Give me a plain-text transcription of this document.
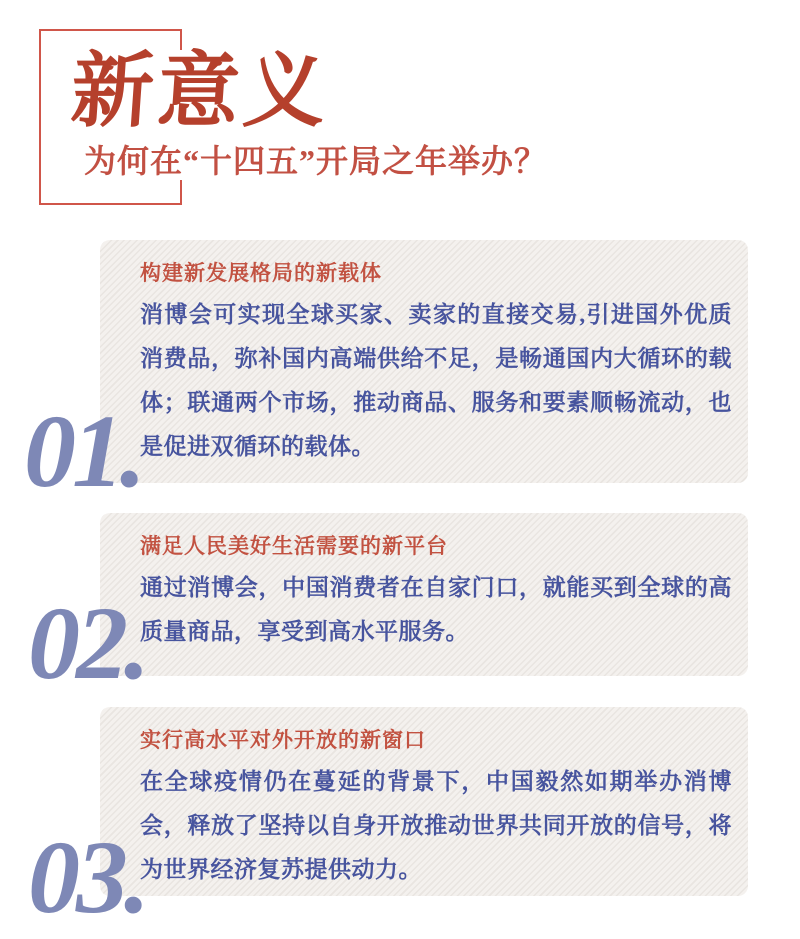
新意义
为何在“十四五”开局之年举办？
构建新发展格局的新载体

消博会可实现全球买家、卖家的直接交易,引进国外优质消费品，弥补国内高端供给不足，是畅通国内大循环的载体；联通两个市场，推动商品、服务和要素顺畅流动，也是促进双循环的载体。

01.

满足人民美好生活需要的新平台

通过消博会，中国消费者在自家门口，就能买到全球的高质量商品，享受到高水平服务。

02.

实行高水平对外开放的新窗口

在全球疫情仍在蔓延的背景下，中国毅然如期举办消博会，释放了坚持以自身开放推动世界共同开放的信号，将为世界经济复苏提供动力。

03.
